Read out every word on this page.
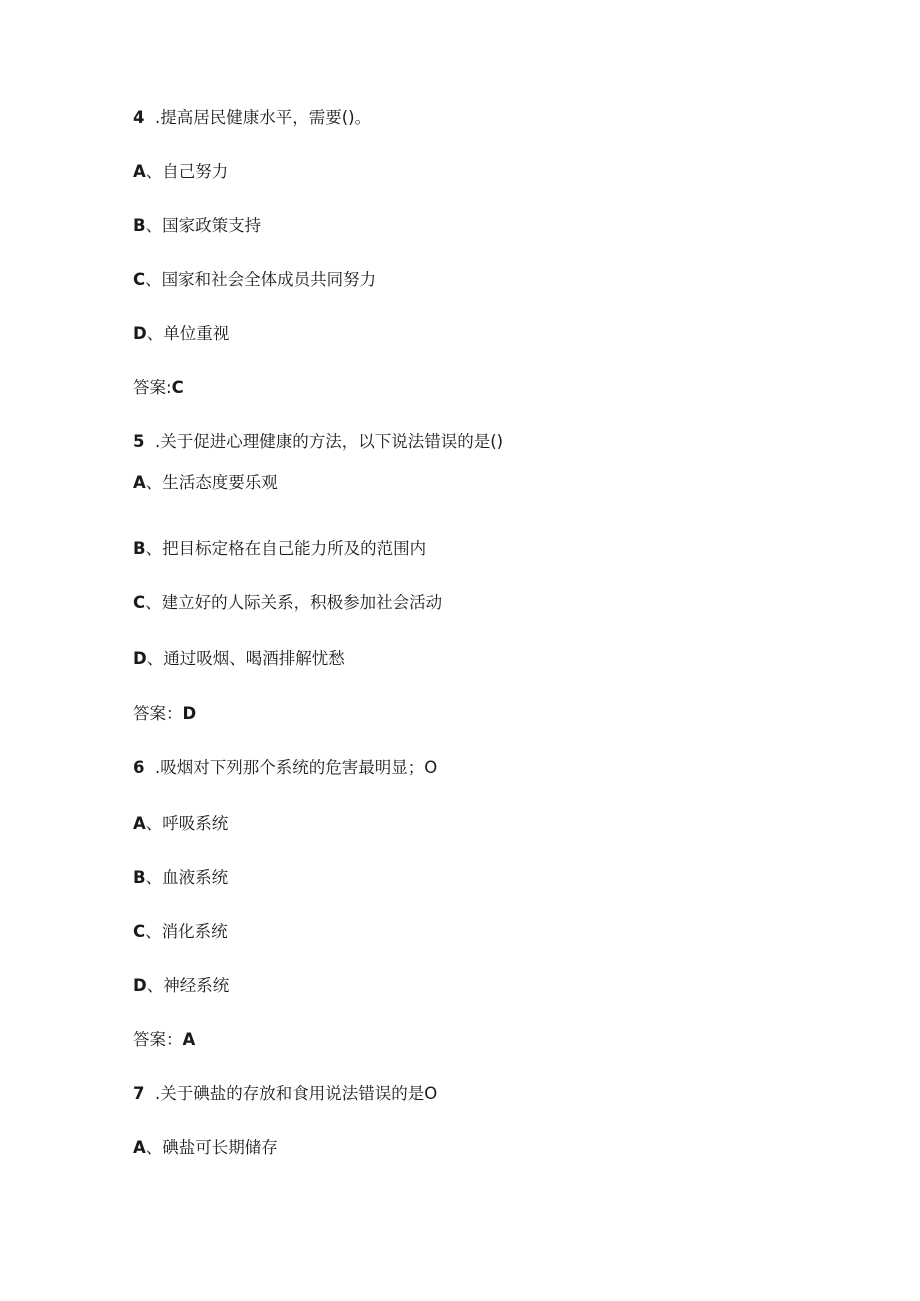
4 .提高居民健康水平，需要()。
A、自己努力
B、国家政策支持
C、国家和社会全体成员共同努力
D、单位重视
答案:C
5 .关于促进心理健康的方法，以下说法错误的是()
A、生活态度要乐观
B、把目标定格在自己能力所及的范围内
C、建立好的人际关系，积极参加社会活动
D、通过吸烟、喝酒排解忧愁
答案：D
6 .吸烟对下列那个系统的危害最明显；O
A、呼吸系统
B、血液系统
C、消化系统
D、神经系统
答案：A
7 .关于碘盐的存放和食用说法错误的是O
A、碘盐可长期储存
